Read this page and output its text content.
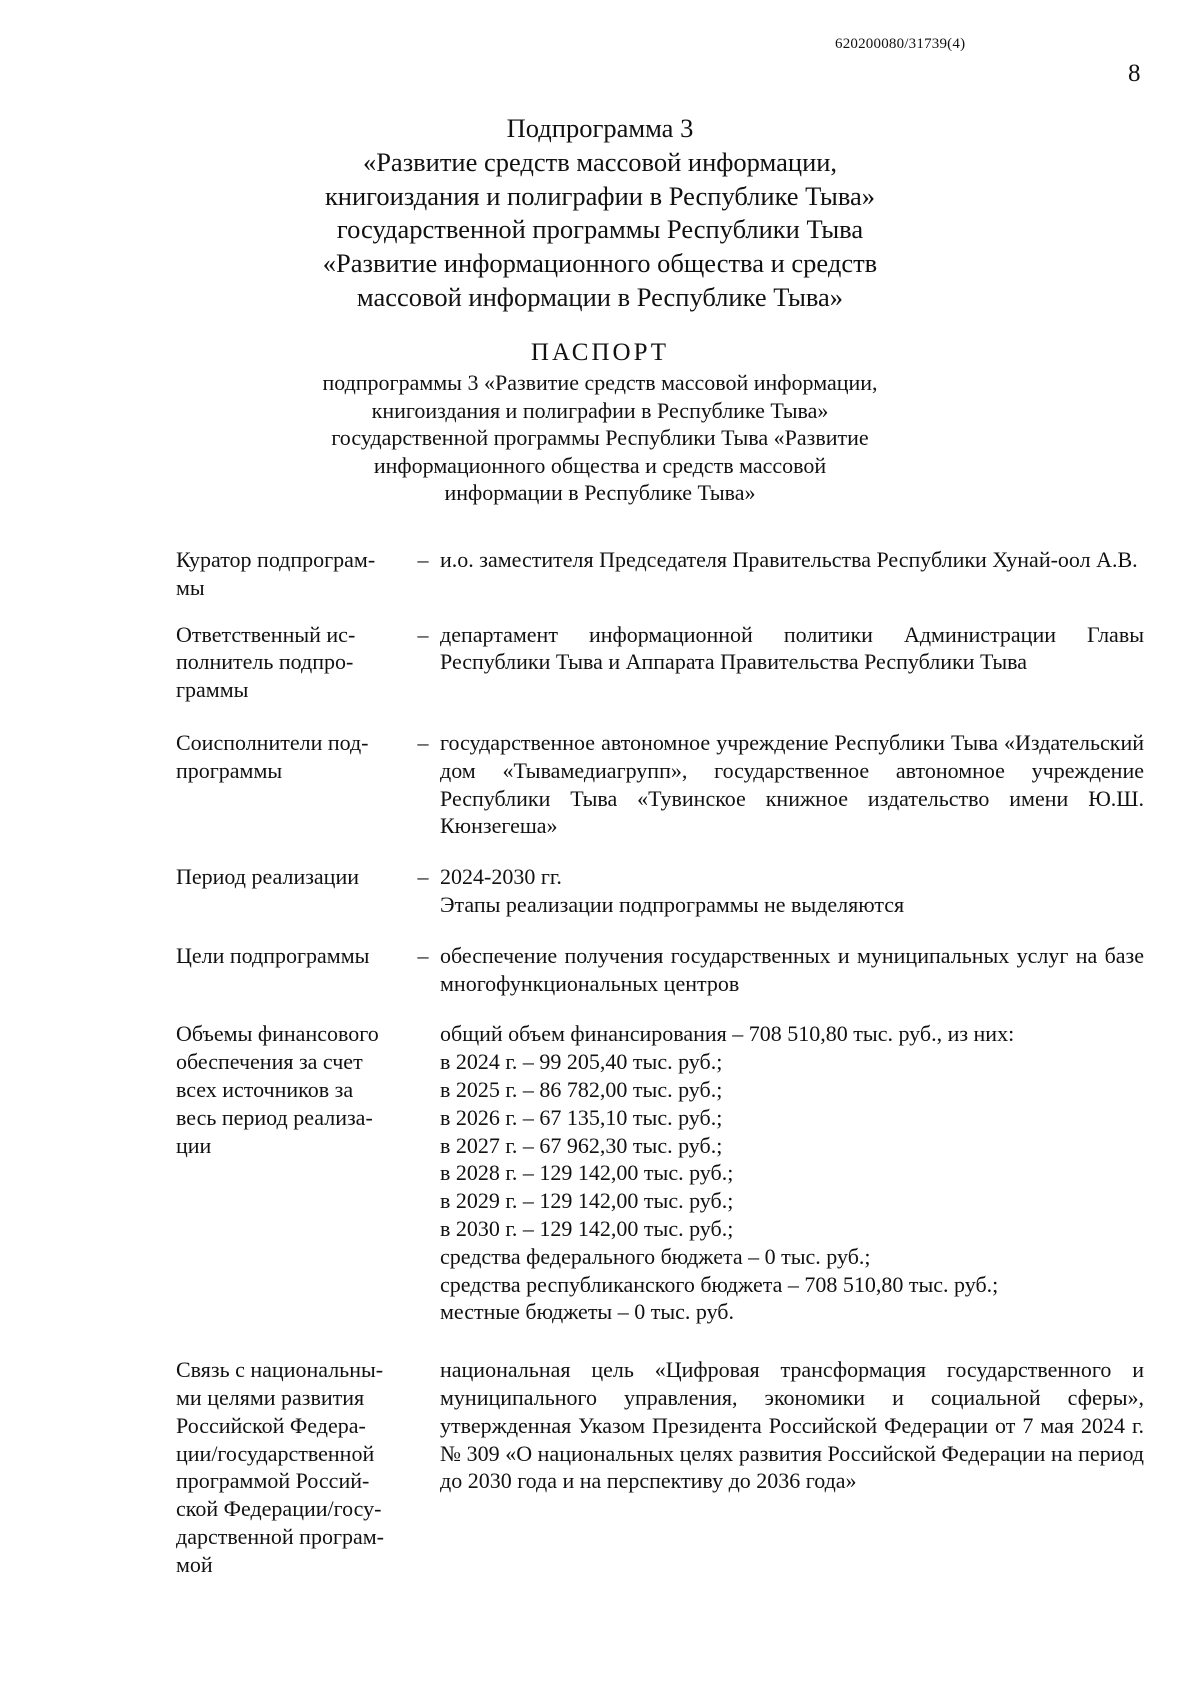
620200080/31739(4)
8
Подпрограмма 3
«Развитие средств массовой информации,
книгоиздания и полиграфии в Республике Тыва»
государственной программы Республики Тыва
«Развитие информационного общества и средств
массовой информации в Республике Тыва»
ПАСПОРТ
подпрограммы 3 «Развитие средств массовой информации,
книгоиздания и полиграфии в Республике Тыва»
государственной программы Республики Тыва «Развитие
информационного общества и средств массовой
информации в Республике Тыва»
Куратор подпрограм-
мы
– и.о. заместителя Председателя Правительства Республики Хунай-оол А.В.
Ответственный ис-
полнитель подпро-
граммы
– департамент информационной политики Администрации Главы Республики Тыва и Аппарата Правительства Республики Тыва
Соисполнители под-
программы
– государственное автономное учреждение Республики Тыва «Издательский дом «Тывамедиагрупп», государственное автономное учреждение Республики Тыва «Тувинское книжное издательство имени Ю.Ш. Кюнзегеша»
Период реализации	– 2024-2030 гг.
Этапы реализации подпрограммы не выделяются
Цели подпрограммы	– обеспечение получения государственных и муниципальных услуг на базе многофункциональных центров
Объемы финансового
обеспечения за счет
всех источников за
весь период реализа-
ции
общий объем финансирования – 708 510,80 тыс. руб., из них:
в 2024 г. – 99 205,40 тыс. руб.;
в 2025 г. – 86 782,00 тыс. руб.;
в 2026 г. – 67 135,10 тыс. руб.;
в 2027 г. – 67 962,30 тыс. руб.;
в 2028 г. – 129 142,00 тыс. руб.;
в 2029 г. – 129 142,00 тыс. руб.;
в 2030 г. – 129 142,00 тыс. руб.;
средства федерального бюджета – 0 тыс. руб.;
средства республиканского бюджета – 708 510,80 тыс. руб.;
местные бюджеты – 0 тыс. руб.
Связь с национальны-
ми целями развития
Российской Федера-
ции/государственной
программой Россий-
ской Федерации/госу-
дарственной програм-
мой
национальная цель «Цифровая трансформация государственного и муниципального управления, экономики и социальной сферы», утвержденная Указом Президента Российской Федерации от 7 мая 2024 г. № 309 «О национальных целях развития Российской Федерации на период до 2030 года и на перспективу до 2036 года»
